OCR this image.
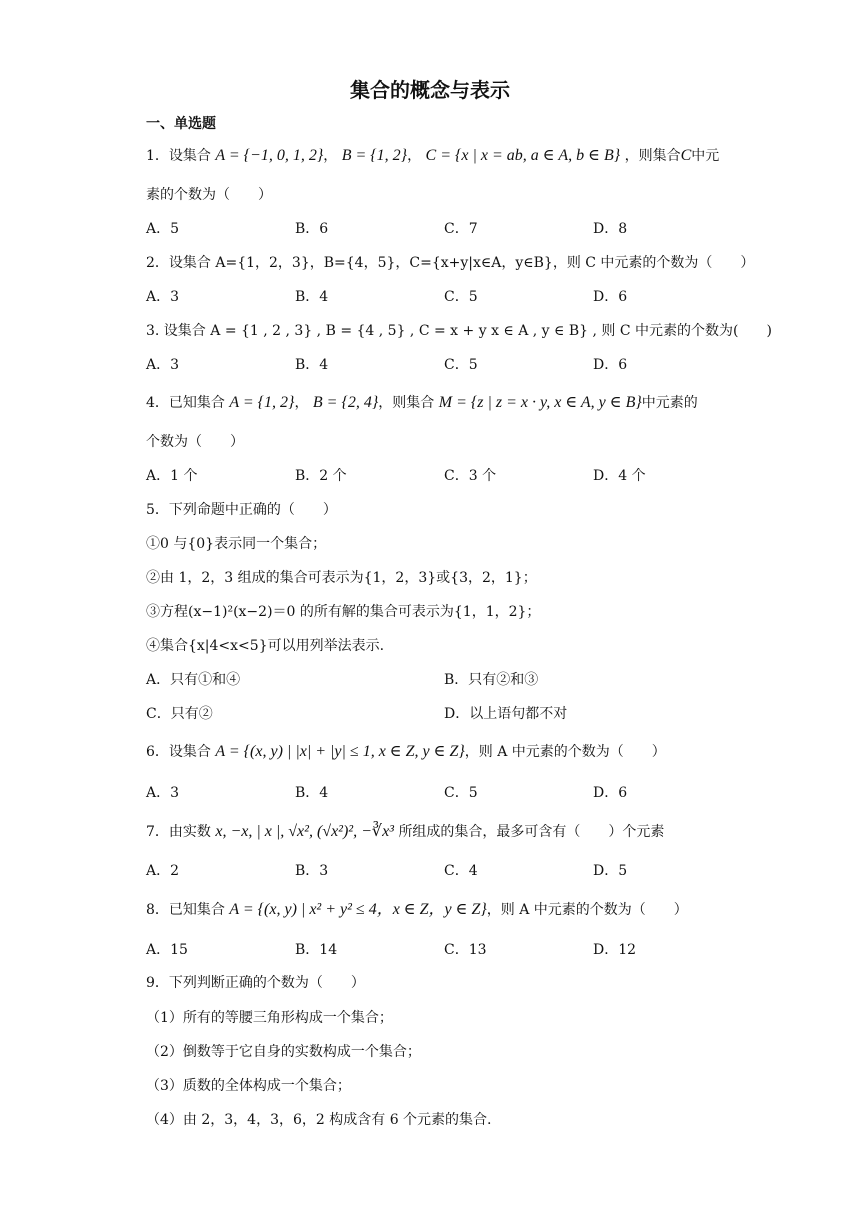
集合的概念与表示
一、单选题
1．设集合 A = {−1, 0, 1, 2}， B = {1, 2}， C = {x | x = ab, a ∈ A, b ∈ B} ，则集合C中元
素的个数为（　　）
A．5	B．6	C．7	D．8
2．设集合 A={1，2，3}，B={4，5}，C={x+y|x∈A，y∈B}，则 C 中元素的个数为（　　）
A．3	B．4	C．5	D．6
3. 设集合 A = {1 , 2 , 3} , B = {4 , 5} , C = x + y x ∈ A , y ∈ B} , 则 C 中元素的个数为(　　)
A．3	B．4	C．5	D．6
4．已知集合 A = {1, 2}， B = {2, 4}，则集合 M = {z | z = x · y, x ∈ A, y ∈ B}中元素的
个数为（　　）
A．1 个	B．2 个	C．3 个	D．4 个
5．下列命题中正确的（　　）
①0 与{0}表示同一个集合；
②由 1，2，3 组成的集合可表示为{1，2，3}或{3，2，1}；
③方程(x−1)²(x−2)＝0 的所有解的集合可表示为{1，1，2}；
④集合{x|4<x<5}可以用列举法表示.
A．只有①和④	B．只有②和③
C．只有②	D．以上语句都不对
6．设集合 A = {(x, y) | |x| + |y| ≤ 1, x ∈ Z, y ∈ Z}，则 A 中元素的个数为（　　）
A．3	B．4	C．5	D．6
7．由实数 x, −x, | x |, √x², (√x²)², −∛x³ 所组成的集合，最多可含有（　　）个元素
A．2	B．3	C．4	D．5
8．已知集合 A = {(x, y) | x² + y² ≤ 4，x ∈ Z，y ∈ Z}，则 A 中元素的个数为（　　）
A．15	B．14	C．13	D．12
9．下列判断正确的个数为（　　）
（1）所有的等腰三角形构成一个集合；
（2）倒数等于它自身的实数构成一个集合；
（3）质数的全体构成一个集合；
（4）由 2，3，4，3，6，2 构成含有 6 个元素的集合.
